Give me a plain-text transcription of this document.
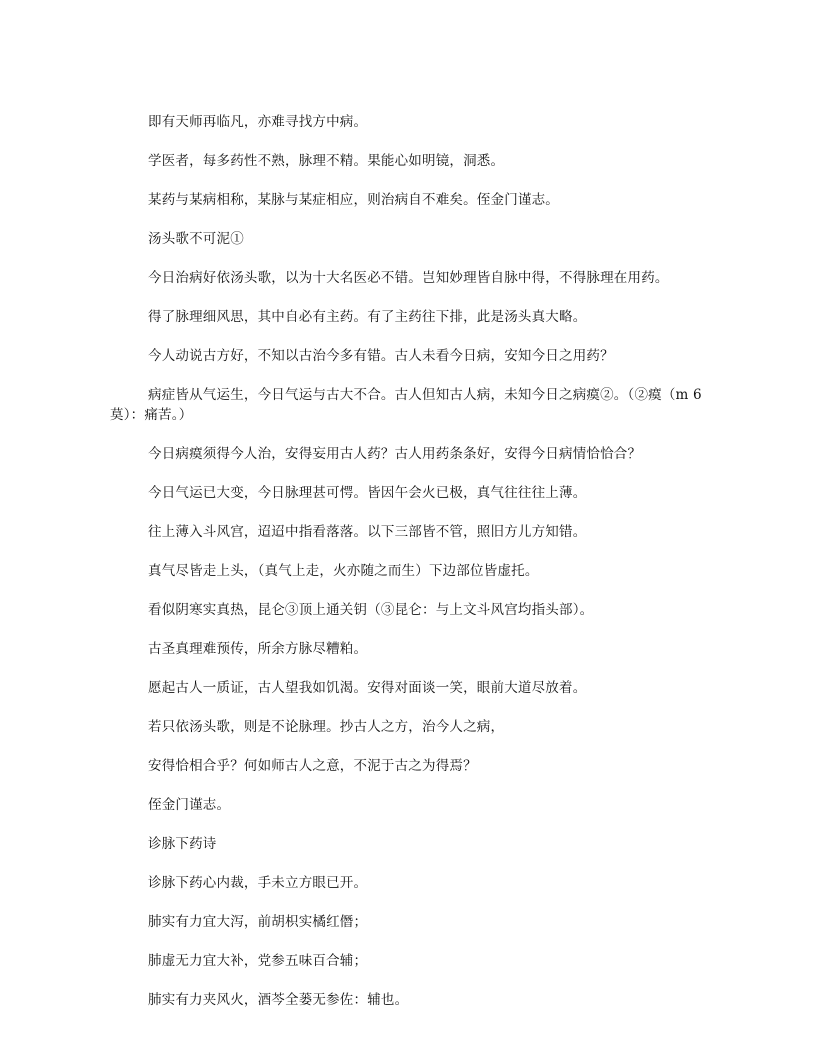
即有天师再临凡，亦难寻找方中病。

学医者，每多药性不熟，脉理不精。果能心如明镜，洞悉。

某药与某病相称，某脉与某症相应，则治病自不难矣。侄金门谨志。

汤头歌不可泥①

今日治病好依汤头歌，以为十大名医必不错。岂知妙理皆自脉中得，不得脉理在用药。

得了脉理细风思，其中自必有主药。有了主药往下排，此是汤头真大略。

今人动说古方好，不知以古治今多有错。古人未看今日病，安知今日之用药？

病症皆从气运生，今日气运与古大不合。古人但知古人病，未知今日之病瘼②。（②瘼（m 6 莫）：痛苦。）

今日病瘼须得今人治，安得妄用古人药？古人用药条条好，安得今日病情恰恰合？

今日气运已大变，今日脉理甚可愕。皆因午会火已极，真气往往往上薄。

往上薄入斗风宫，迢迢中指看落落。以下三部皆不管，照旧方儿方知错。

真气尽皆走上头，（真气上走，火亦随之而生）下边部位皆虚托。

看似阴寒实真热，昆仑③顶上通关钥（③昆仑：与上文斗风宫均指头部）。

古圣真理难预传，所余方脉尽糟粕。

愿起古人一质证，古人望我如饥渴。安得对面谈一笑，眼前大道尽放着。

若只依汤头歌，则是不论脉理。抄古人之方，治今人之病，

安得恰相合乎？何如师古人之意，不泥于古之为得焉？

侄金门谨志。

诊脉下药诗

诊脉下药心内裁，手未立方眼已开。

肺实有力宜大泻，前胡枳实橘红僭；

肺虚无力宜大补，党参五味百合辅；

肺实有力夹风火，酒芩全蒌无参佐：辅也。
